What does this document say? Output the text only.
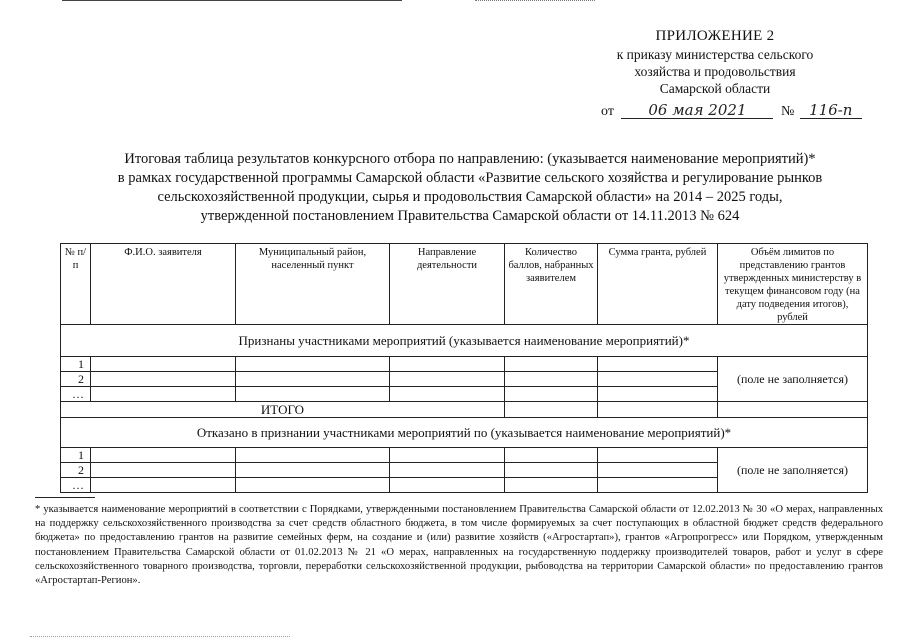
ПРИЛОЖЕНИЕ 2
к приказу министерства сельского
хозяйства и продовольствия
Самарской области
от 06 мая 2021 № 116-п
Итоговая таблица результатов конкурсного отбора по направлению: (указывается наименование мероприятий)*
в рамках государственной программы Самарской области «Развитие сельского хозяйства и регулирование рынков
сельскохозяйственной продукции, сырья и продовольствия Самарской области» на 2014 – 2025 годы,
утвержденной постановлением Правительства Самарской области от 14.11.2013 № 624
№ п/п	Ф.И.О. заявителя	Муниципальный район, населенный пункт	Направление деятельности	Количество баллов, набранных заявителем	Сумма гранта, рублей	Объём лимитов по представлению грантов утвержденных министерству в текущем финансовом году (на дату подведения итогов), рублей
Признаны участниками мероприятий (указывается наименование мероприятий)*						
1						(поле не заполняется)
2						
…						
ИТОГО						
Отказано в признании участниками мероприятий по (указывается наименование мероприятий)*						
1						(поле не заполняется)
2						
…						
* указывается наименование мероприятий в соответствии с Порядками, утвержденными постановлением Правительства Самарской области от 12.02.2013 № 30 «О мерах, направленных на поддержку сельскохозяйственного производства за счет средств областного бюджета, в том числе формируемых за счет поступающих в областной бюджет средств федерального бюджета» по предоставлению грантов на развитие семейных ферм, на создание и (или) развитие хозяйств («Агростартап»), грантов «Агропрогресс» или Порядком, утвержденным постановлением Правительства Самарской области от 01.02.2013 № 21 «О мерах, направленных на государственную поддержку производителей товаров, работ и услуг в сфере сельскохозяйственного товарного производства, торговли, переработки сельскохозяйственной продукции, рыбоводства на территории Самарской области» по предоставлению грантов «Агростартап-Регион».
